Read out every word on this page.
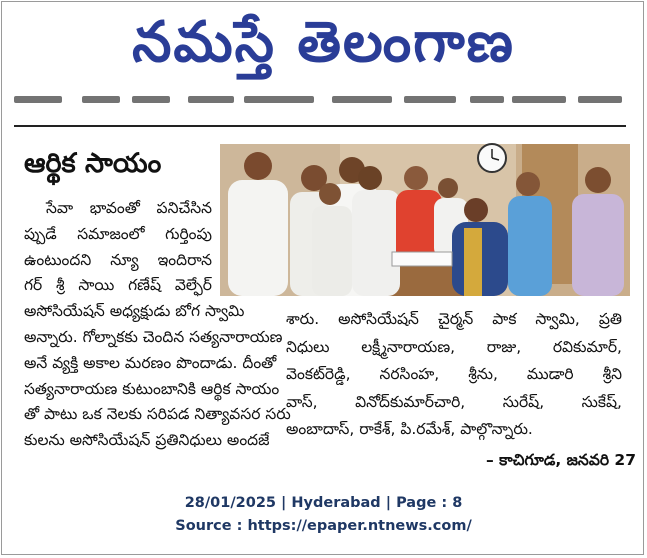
నమస్తే తెలంగాణ
ఆర్థిక సాయం
సేవా భావంతో పనిచేసిన
ప్పుడే సమాజంలో గుర్తింపు
ఉంటుందని న్యూ ఇందిరాన
గర్ శ్రీ సాయి గణేష్ వెల్ఫేర్
అసోసియేషన్ అధ్యక్షుడు బోగ స్వామి
అన్నారు. గోల్నాకకు చెందిన సత్యనారాయణ
అనే వ్యక్తి అకాల మరణం పొందాడు. దీంతో
సత్యనారాయణ కుటుంబానికి ఆర్థిక సాయం
తో పాటు ఒక నెలకు సరిపడ నిత్యావసర సరు
కులను అసోసియేషన్ ప్రతినిధులు అందజే
శారు. అసోసియేషన్ చైర్మన్ పాక స్వామి, ప్రతి
నిధులు లక్ష్మీనారాయణ, రాజు, రవికుమార్,
వెంకట్‌రెడ్డి, నరసింహ, శ్రీను, ముడారి శ్రీని
వాస్, వినోద్‌కుమార్‌చారి, సురేష్, సుకేష్,
అంబాదాస్, రాకేశ్, పి.రమేశ్, పాల్గొన్నారు.
– కాచిగూడ, జనవరి 27
28/01/2025 | Hyderabad | Page : 8
Source : https://epaper.ntnews.com/
